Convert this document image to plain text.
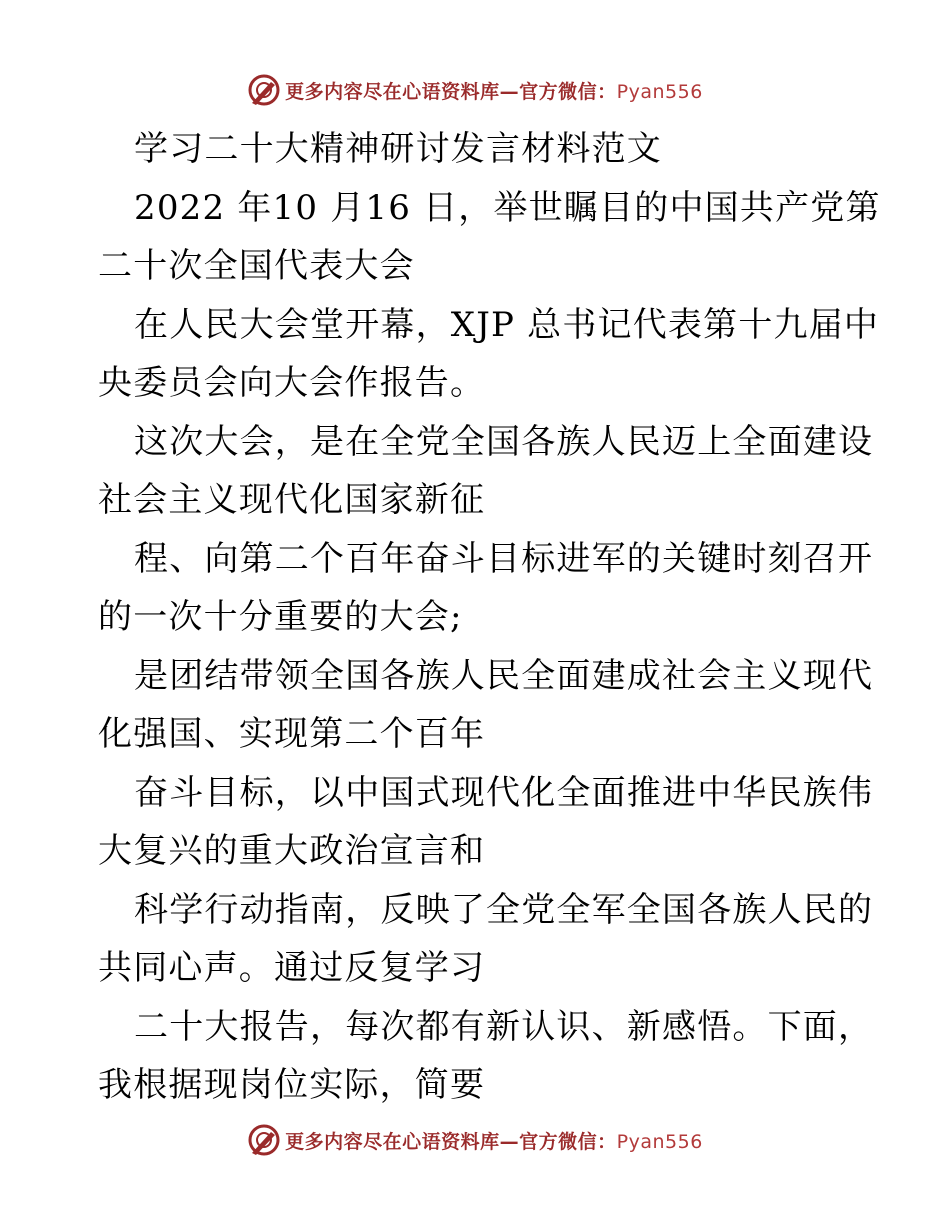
更多内容尽在心语资料库—官方微信：Pyan556
学习二十大精神研讨发言材料范文
2022 年10 月16 日，举世瞩目的中国共产党第
二十次全国代表大会
在人民大会堂开幕，XJP 总书记代表第十九届中
央委员会向大会作报告。
这次大会，是在全党全国各族人民迈上全面建设
社会主义现代化国家新征
程、向第二个百年奋斗目标进军的关键时刻召开
的一次十分重要的大会;
是团结带领全国各族人民全面建成社会主义现代
化强国、实现第二个百年
奋斗目标，以中国式现代化全面推进中华民族伟
大复兴的重大政治宣言和
科学行动指南，反映了全党全军全国各族人民的
共同心声。通过反复学习
二十大报告，每次都有新认识、新感悟。下面，
我根据现岗位实际，简要
更多内容尽在心语资料库—官方微信：Pyan556
